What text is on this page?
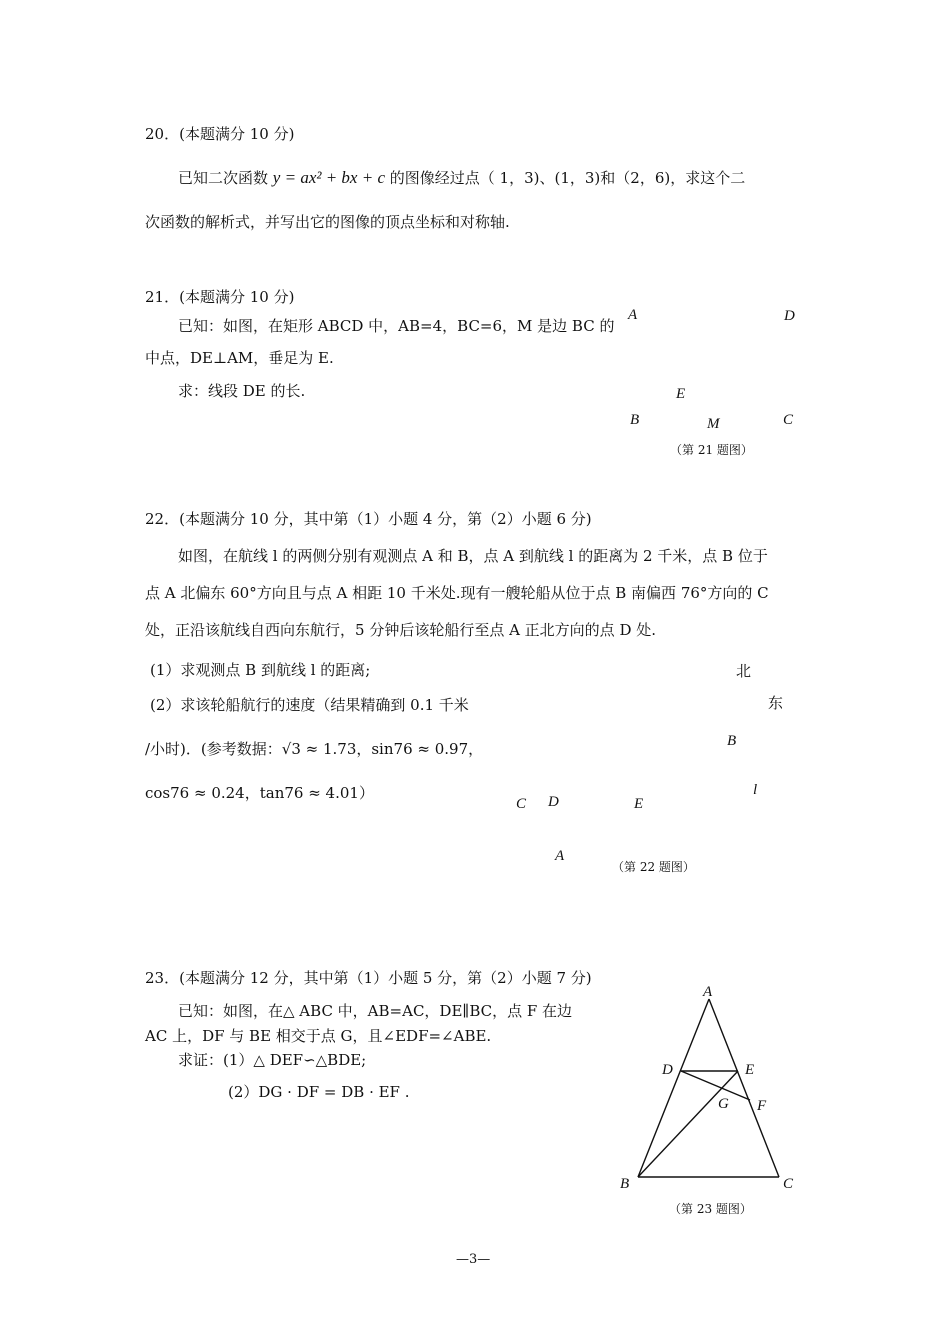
20．(本题满分 10 分)
已知二次函数 y = ax² + bx + c 的图像经过点（ 1，3)、(1，3)和（2，6)，求这个二
次函数的解析式，并写出它的图像的顶点坐标和对称轴.
21．(本题满分 10 分)
已知：如图，在矩形 ABCD 中，AB=4，BC=6，M 是边 BC 的
中点，DE⊥AM，垂足为 E.
求：线段 DE 的长.
A	D
E
B	M	C
（第 21 题图）
22．(本题满分 10 分，其中第（1）小题 4 分，第（2）小题 6 分)
如图，在航线 l 的两侧分别有观测点 A 和 B，点 A 到航线 l 的距离为 2 千米，点 B 位于
点 A 北偏东 60°方向且与点 A 相距 10 千米处.现有一艘轮船从位于点 B 南偏西 76°方向的 C
处，正沿该航线自西向东航行，5 分钟后该轮船行至点 A 正北方向的点 D 处.
(1）求观测点 B 到航线 l 的距离;
(2）求该轮船航行的速度（结果精确到 0.1 千米
/小时)．(参考数据：√3 ≈ 1.73，sin76 ≈ 0.97，
cos76 ≈ 0.24，tan76 ≈ 4.01）
北
东
B
l
C D	E
A
（第 22 题图）
23．(本题满分 12 分，其中第（1）小题 5 分，第（2）小题 7 分)
已知：如图，在△ ABC 中，AB=AC，DE∥BC，点 F 在边
AC 上，DF 与 BE 相交于点 G，且∠EDF=∠ABE.
求证：(1）△ DEF∽△BDE;
(2）DG · DF = DB · EF .
A
D	E
G F
B	C
（第 23 题图）
—3—
